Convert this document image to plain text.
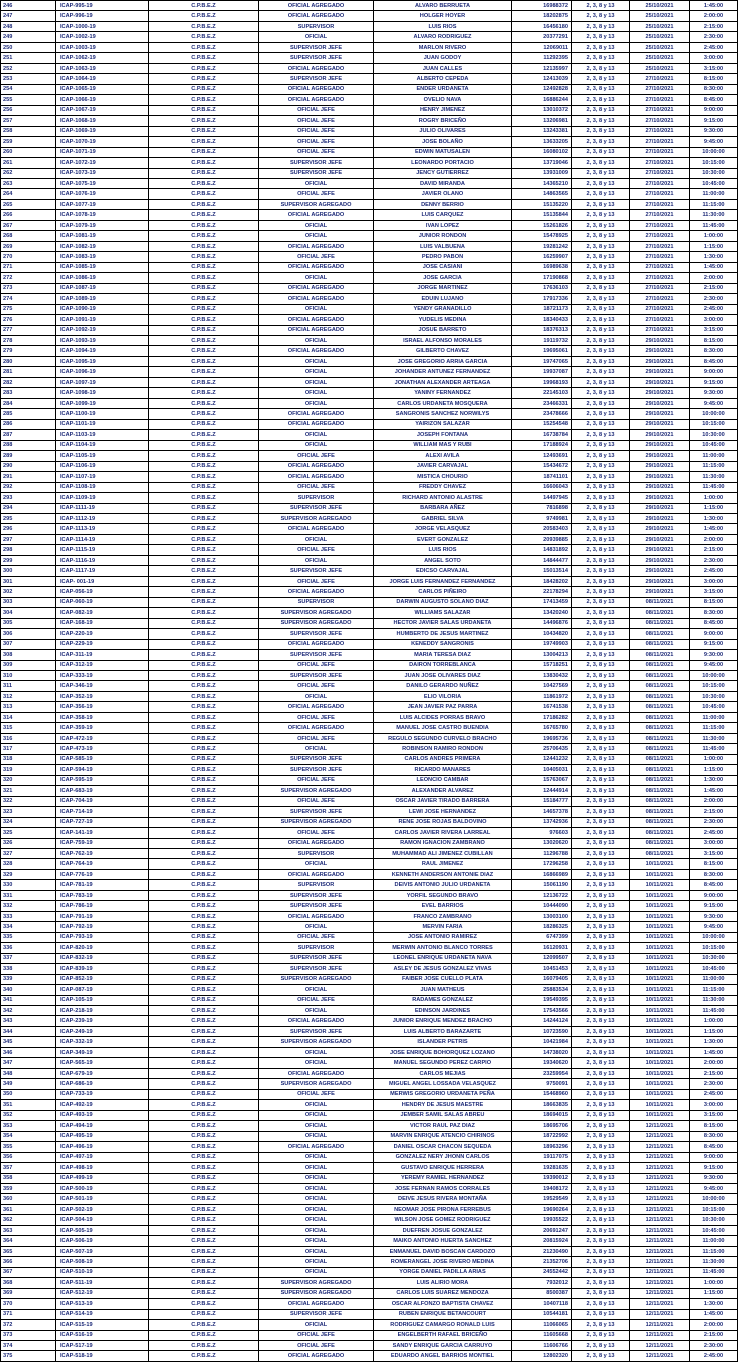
246	ICAP-995-19	C.P.B.E.Z	OFICIAL AGREGADO	ALVARO BERRUETA	16988372	2, 3, 8 y 13	25/10/2021	1:45:00
247	ICAP-996-19	C.P.B.E.Z	OFICIAL AGREGADO	HOLGER HOYER	18202875	2, 3, 8 y 13	25/10/2021	2:00:00
248	ICAP-1000-19	C.P.B.E.Z	SUPERVISOR	LUIS RIOS	16456180	2, 3, 8 y 13	25/10/2021	2:15:00
249	ICAP-1002-19	C.P.B.E.Z	OFICIAL	ALVARO RODRIGUEZ	20377291	2, 3, 8 y 13	25/10/2021	2:30:00
250	ICAP-1003-19	C.P.B.E.Z	SUPERVISOR JEFE	MARLON RIVERO	12069011	2, 3, 8 y 13	25/10/2021	2:45:00
251	ICAP-1062-19	C.P.B.E.Z	SUPERVISOR JEFE	JUAN GODOY	11292395	2, 3, 8 y 13	25/10/2021	3:00:00
252	ICAP-1063-19	C.P.B.E.Z	OFICIAL AGREGADO	JUAN CALLES	12135997	2, 3, 8 y 13	25/10/2021	3:15:00
253	ICAP-1064-19	C.P.B.E.Z	SUPERVISOR JEFE	ALBERTO CEPEDA	12413039	2, 3, 8 y 13	27/10/2021	8:15:00
254	ICAP-1065-19	C.P.B.E.Z	OFICIAL AGREGADO	ENDER URDANETA	12492828	2, 3, 8 y 13	27/10/2021	8:30:00
255	ICAP-1066-19	C.P.B.E.Z	OFICIAL AGREGADO	OVELIO NAVA	16886244	2, 3, 8 y 13	27/10/2021	8:45:00
256	ICAP-1067-19	C.P.B.E.Z	OFICIAL JEFE	HENRY JIMENEZ	13010372	2, 3, 8 y 13	27/10/2021	9:00:00
257	ICAP-1068-19	C.P.B.E.Z	OFICIAL JEFE	ROGRY BRICEÑO	13206981	2, 3, 8 y 13	27/10/2021	9:15:00
258	ICAP-1069-19	C.P.B.E.Z	OFICIAL JEFE	JULIO OLIVARES	13243381	2, 3, 8 y 13	27/10/2021	9:30:00
259	ICAP-1070-19	C.P.B.E.Z	OFICIAL JEFE	JOSE BOLAÑO	13633205	2, 3, 8 y 13	27/10/2021	9:45:00
260	ICAP-1071-19	C.P.B.E.Z	OFICIAL JEFE	EDWIN MATUSALEN	16080102	2, 3, 8 y 13	27/10/2021	10:00:00
261	ICAP-1072-19	C.P.B.E.Z	SUPERVISOR JEFE	LEONARDO PORTACIO	13719046	2, 3, 8 y 13	27/10/2021	10:15:00
262	ICAP-1073-19	C.P.B.E.Z	SUPERVISOR JEFE	JENCY GUTIERREZ	13931009	2, 3, 8 y 13	27/10/2021	10:30:00
263	ICAP-1075-19	C.P.B.E.Z	OFICIAL	DAVID MIRANDA	14365210	2, 3, 8 y 13	27/10/2021	10:45:00
264	ICAP-1076-19	C.P.B.E.Z	OFICIAL JEFE	JAVIER OLANO	14863565	2, 3, 8 y 13	27/10/2021	11:00:00
265	ICAP-1077-19	C.P.B.E.Z	SUPERVISOR AGREGADO	DENNY BERRIO	15135220	2, 3, 8 y 13	27/10/2021	11:15:00
266	ICAP-1078-19	C.P.B.E.Z	OFICIAL AGREGADO	LUIS CARQUEZ	15135844	2, 3, 8 y 13	27/10/2021	11:30:00
267	ICAP-1079-19	C.P.B.E.Z	OFICIAL	IVAN LOPEZ	15261826	2, 3, 8 y 13	27/10/2021	11:45:00
268	ICAP-1081-19	C.P.B.E.Z	OFICIAL	JUNIOR RONDON	15478925	2, 3, 8 y 13	27/10/2021	1:00:00
269	ICAP-1082-19	C.P.B.E.Z	OFICIAL AGREGADO	LUIS VALBUENA	19281242	2, 3, 8 y 13	27/10/2021	1:15:00
270	ICAP-1083-19	C.P.B.E.Z	OFICIAL JEFE	PEDRO PABON	16259907	2, 3, 8 y 13	27/10/2021	1:30:00
271	ICAP-1085-19	C.P.B.E.Z	OFICIAL AGREGADO	JOSE CASIANI	16989638	2, 3, 8 y 13	27/10/2021	1:45:00
272	ICAP-1086-19	C.P.B.E.Z	OFICIAL	JOSE GARCIA	17190868	2, 3, 8 y 13	27/10/2021	2:00:00
273	ICAP-1087-19	C.P.B.E.Z	OFICIAL AGREGADO	JORGE MARTINEZ	17636103	2, 3, 8 y 13	27/10/2021	2:15:00
274	ICAP-1089-19	C.P.B.E.Z	OFICIAL AGREGADO	EDUIN LUJANO	17917336	2, 3, 8 y 13	27/10/2021	2:30:00
275	ICAP-1090-19	C.P.B.E.Z	OFICIAL	YENDY GRANADILLO	18721173	2, 3, 8 y 13	27/10/2021	2:45:00
276	ICAP-1091-19	C.P.B.E.Z	OFICIAL AGREGADO	YUDELIS MEDINA	18340433	2, 3, 8 y 13	27/10/2021	3:00:00
277	ICAP-1092-19	C.P.B.E.Z	OFICIAL AGREGADO	JOSUE BARRETO	18376313	2, 3, 8 y 13	27/10/2021	3:15:00
278	ICAP-1093-19	C.P.B.E.Z	OFICIAL	ISRAEL ALFONSO MORALES	19119732	2, 3, 8 y 13	29/10/2021	8:15:00
279	ICAP-1094-19	C.P.B.E.Z	OFICIAL AGREGADO	GILBERTO CHAVEZ	19695061	2, 3, 8 y 13	29/10/2021	8:30:00
280	ICAP-1095-19	C.P.B.E.Z	OFICIAL	JOSE GREGORIO ARRIA GARCIA	19747065	2, 3, 8 y 13	29/10/2021	8:45:00
281	ICAP-1096-19	C.P.B.E.Z	OFICIAL	JOHANDER ANTUNEZ FERNANDEZ	19937087	2, 3, 8 y 13	29/10/2021	9:00:00
282	ICAP-1097-19	C.P.B.E.Z	OFICIAL	JONATHAN ALEXANDER ARTEAGA	19968193	2, 3, 8 y 13	29/10/2021	9:15:00
283	ICAP-1098-19	C.P.B.E.Z	OFICIAL	YANINY FERNANDEZ	22145103	2, 3, 8 y 13	29/10/2021	9:30:00
284	ICAP-1099-19	C.P.B.E.Z	OFICIAL	CARLOS URDANETA MOSQUERA	23466331	2, 3, 8 y 13	29/10/2021	9:45:00
285	ICAP-1100-19	C.P.B.E.Z	OFICIAL AGREGADO	SANGRONIS SANCHEZ NORWILYS	23478666	2, 3, 8 y 13	29/10/2021	10:00:00
286	ICAP-1101-19	C.P.B.E.Z	OFICIAL AGREGADO	YAIRIZON SALAZAR	15254548	2, 3, 8 y 13	29/10/2021	10:15:00
287	ICAP-1103-19	C.P.B.E.Z	OFICIAL	JOSEPH FONTANA	16738784	2, 3, 8 y 13	29/10/2021	10:30:00
288	ICAP-1104-19	C.P.B.E.Z	OFICIAL	WILLIAM MAS Y RUBI	17188924	2, 3, 8 y 13	29/10/2021	10:45:00
289	ICAP-1105-19	C.P.B.E.Z	OFICIAL JEFE	ALEXI AVILA	12493691	2, 3, 8 y 13	29/10/2021	11:00:00
290	ICAP-1106-19	C.P.B.E.Z	OFICIAL AGREGADO	JAVIER CARVAJAL	15434672	2, 3, 8 y 13	29/10/2021	11:15:00
291	ICAP-1107-19	C.P.B.E.Z	OFICIAL AGREGADO	MISTICA CHOURIO	18741101	2, 3, 8 y 13	29/10/2021	11:30:00
292	ICAP-1108-19	C.P.B.E.Z	OFICIAL JEFE	FREDDY CHAVEZ	16606043	2, 3, 8 y 13	29/10/2021	11:45:00
293	ICAP-1109-19	C.P.B.E.Z	SUPERVISOR	RICHARD ANTONIO ALASTRE	14497945	2, 3, 8 y 13	29/10/2021	1:00:00
294	ICAP-1111-19	C.P.B.E.Z	SUPERVISOR JEFE	BARBARA AÑEZ	7816898	2, 3, 8 y 13	29/10/2021	1:15:00
295	ICAP-1112-19	C.P.B.E.Z	SUPERVISOR AGREGADO	GABRIEL SILVA	9749981	2, 3, 8 y 13	29/10/2021	1:30:00
296	ICAP-1113-19	C.P.B.E.Z	OFICIAL AGREGADO	JORGE VELASQUEZ	20583403	2, 3, 8 y 13	29/10/2021	1:45:00
297	ICAP-1114-19	C.P.B.E.Z	OFICIAL	EVERT GONZALEZ	20939885	2, 3, 8 y 13	29/10/2021	2:00:00
298	ICAP-1115-19	C.P.B.E.Z	OFICIAL JEFE	LUIS RIOS	14831892	2, 3, 8 y 13	29/10/2021	2:15:00
299	ICAP-1116-19	C.P.B.E.Z	OFICIAL	ANGEL SOTO	14844477	2, 3, 8 y 13	29/10/2021	2:30:00
300	ICAP-1117-19	C.P.B.E.Z	SUPERVISOR JEFE	EDICSO CARVAJAL	15013514	2, 3, 8 y 13	29/10/2021	2:45:00
301	ICAP- 001-19	C.P.B.E.Z	OFICIAL JEFE	JORGE LUIS FERNANDEZ FERNANDEZ	18428202	2, 3, 8 y 13	29/10/2021	3:00:00
302	ICAP-056-19	C.P.B.E.Z	OFICIAL AGREGADO	CARLOS PIÑEIRO	22178294	2, 3, 8 y 13	29/10/2021	3:15:00
303	ICAP-060-19	C.P.B.E.Z	SUPERVISOR	DARWIN AUGUSTO SOLANO DIAZ	17413459	2, 3, 8 y 13	08/11/2021	8:15:00
304	ICAP-082-19	C.P.B.E.Z	SUPERVISOR AGREGADO	WILLIAMS SALAZAR	13420240	2, 3, 8 y 13	08/11/2021	8:30:00
305	ICAP-168-19	C.P.B.E.Z	SUPERVISOR AGREGADO	HECTOR JAVIER SALAS URDANETA	14496876	2, 3, 8 y 13	08/11/2021	8:45:00
306	ICAP-220-19	C.P.B.E.Z	SUPERVISOR JEFE	HUMBERTO DE JESUS MARTINEZ	10434820	2, 3, 8 y 13	08/11/2021	9:00:00
307	ICAP-229-19	C.P.B.E.Z	OFICIAL AGREGADO	KENEDDY SANGRONIS	19749903	2, 3, 8 y 13	08/11/2021	9:15:00
308	ICAP-311-19	C.P.B.E.Z	SUPERVISOR JEFE	MARIA TERESA DIAZ	13004213	2, 3, 8 y 13	08/11/2021	9:30:00
309	ICAP-312-19	C.P.B.E.Z	OFICIAL JEFE	DAIRON TORREBLANCA	15718251	2, 3, 8 y 13	08/11/2021	9:45:00
310	ICAP-333-19	C.P.B.E.Z	SUPERVISOR JEFE	JUAN JOSE OLIVARES DIAZ	13830432	2, 3, 8 y 13	08/11/2021	10:00:00
311	ICAP-346-19	C.P.B.E.Z	OFICIAL JEFE	DANILO GERARDO NUÑEZ	10427569	2, 3, 8 y 13	08/11/2021	10:15:00
312	ICAP-352-19	C.P.B.E.Z	OFICIAL	ELIO VILORIA	11861972	2, 3, 8 y 13	08/11/2021	10:30:00
313	ICAP-356-19	C.P.B.E.Z	OFICIAL AGREGADO	JEAN JAVIER PAZ PARRA	16741538	2, 3, 8 y 13	08/11/2021	10:45:00
314	ICAP-358-19	C.P.B.E.Z	OFICIAL JEFE	LUIS ALCIDES PORRAS BRAVO	17186282	2, 3, 8 y 13	08/11/2021	11:00:00
315	ICAP-359-19	C.P.B.E.Z	OFICIAL AGREGADO	MANUEL JOSE CASTRO BUENDIA	16765780	2, 3, 8 y 13	08/11/2021	11:15:00
316	ICAP-472-19	C.P.B.E.Z	OFICIAL JEFE	REGULO SEGUNDO CURVELO BRACHO	19695736	2, 3, 8 y 13	08/11/2021	11:30:00
317	ICAP-473-19	C.P.B.E.Z	OFICIAL	ROBINSON RAMIRO RONDON	25706435	2, 3, 8 y 13	08/11/2021	11:45:00
318	ICAP-585-19	C.P.B.E.Z	SUPERVISOR JEFE	CARLOS ANDRES PRIMERA	12441232	2, 3, 8 y 13	08/11/2021	1:00:00
319	ICAP-594-19	C.P.B.E.Z	SUPERVISOR JEFE	RICARDO MANARES	10405031	2, 3, 8 y 13	08/11/2021	1:15:00
320	ICAP-595-19	C.P.B.E.Z	OFICIAL JEFE	LEONCIO CAMBAR	15763067	2, 3, 8 y 13	08/11/2021	1:30:00
321	ICAP-683-19	C.P.B.E.Z	SUPERVISOR AGREGADO	ALEXANDER ALVAREZ	12444914	2, 3, 8 y 13	08/11/2021	1:45:00
322	ICAP-704-19	C.P.B.E.Z	OFICIAL JEFE	OSCAR JAVIER TIRADO BARRERA	15184777	2, 3, 8 y 13	08/11/2021	2:00:00
323	ICAP-714-19	C.P.B.E.Z	SUPERVISOR JEFE	LEWI JOSE HERNANDEZ	14657378	2, 3, 8 y 13	08/11/2021	2:15:00
324	ICAP-727-19	C.P.B.E.Z	SUPERVISOR AGREGADO	RENE JOSE ROJAS BALDOVINO	13742936	2, 3, 8 y 13	08/11/2021	2:30:00
325	ICAP-141-19	C.P.B.E.Z	OFICIAL JEFE	CARLOS JAVIER RIVERA LARREAL	976603	2, 3, 8 y 13	08/11/2021	2:45:00
326	ICAP-759-19	C.P.B.E.Z	OFICIAL AGREGADO	RAMON IGNACION ZAMBRANO	13020620	2, 3, 8 y 13	08/11/2021	3:00:00
327	ICAP-762-19	C.P.B.E.Z	SUPERVISOR	MUHAMMAD ALI JIMENEZ CUBILLAN	11296788	2, 3, 8 y 13	08/11/2021	3:15:00
328	ICAP-764-19	C.P.B.E.Z	OFICIAL	RAUL JIMENEZ	17296258	2, 3, 8 y 13	10/11/2021	8:15:00
329	ICAP-776-19	C.P.B.E.Z	OFICIAL AGREGADO	KENNETH ANDERSON ANTONIE DIAZ	16866989	2, 3, 8 y 13	10/11/2021	8:30:00
330	ICAP-781-19	C.P.B.E.Z	SUPERVISOR	DEIVIS ANTONIO JULIO URDANETA	15061190	2, 3, 8 y 13	10/11/2021	8:45:00
331	ICAP-783-19	C.P.B.E.Z	SUPERVISOR JEFE	YORFIL SEGUNDO BRAVO	12136722	2, 3, 8 y 13	10/11/2021	9:00:00
332	ICAP-786-19	C.P.B.E.Z	SUPERVISOR JEFE	EVEL BARRIOS	10444090	2, 3, 8 y 13	10/11/2021	9:15:00
333	ICAP-791-19	C.P.B.E.Z	OFICIAL AGREGADO	FRANCO ZAMBRANO	13003100	2, 3, 8 y 13	10/11/2021	9:30:00
334	ICAP-792-19	C.P.B.E.Z	OFICIAL	MERVIN FARIA	18286325	2, 3, 8 y 13	10/11/2021	9:45:00
335	ICAP-793-19	C.P.B.E.Z	OFICIAL JEFE	JOSE ANTONIO RAMIREZ	6747399	2, 3, 8 y 13	10/11/2021	10:00:00
336	ICAP-820-19	C.P.B.E.Z	SUPERVISOR	MERWIN ANTONIO BLANCO TORRES	16120931	2, 3, 8 y 13	10/11/2021	10:15:00
337	ICAP-832-19	C.P.B.E.Z	SUPERVISOR JEFE	LEONEL ENRIQUE URDANETA NAVA	12099507	2, 3, 8 y 13	10/11/2021	10:30:00
338	ICAP-839-19	C.P.B.E.Z	SUPERVISOR JEFE	ASLEY DE JESUS GONZALEZ VIVAS	10451453	2, 3, 8 y 13	10/11/2021	10:45:00
339	ICAP-852-19	C.P.B.E.Z	SUPERVISOR AGREGADO	FAIBER JOSE CUELLO PLATA	16079405	2, 3, 8 y 13	10/11/2021	11:00:00
340	ICAP-087-19	C.P.B.E.Z	OFICIAL	JUAN MATHEUS	25883534	2, 3, 8 y 13	10/11/2021	11:15:00
341	ICAP-105-19	C.P.B.E.Z	OFICIAL JEFE	RADAMES GONZALEZ	19549395	2, 3, 8 y 13	10/11/2021	11:30:00
342	ICAP-218-19	C.P.B.E.Z	OFICIAL	EDINSON JARDINES	17543566	2, 3, 8 y 13	10/11/2021	11:45:00
343	ICAP-239-19	C.P.B.E.Z	OFICIAL AGREGADO	JUNIOR ENRIQUE MENDEZ BRACHO	14244124	2, 3, 8 y 13	10/11/2021	1:00:00
344	ICAP-249-19	C.P.B.E.Z	SUPERVISOR JEFE	LUIS ALBERTO BARAZARTE	10723590	2, 3, 8 y 13	10/11/2021	1:15:00
345	ICAP-332-19	C.P.B.E.Z	SUPERVISOR AGREGADO	ISLANDER PETRIS	10421984	2, 3, 8 y 13	10/11/2021	1:30:00
346	ICAP-349-19	C.P.B.E.Z	OFICIAL	JOSE ENRIQUE BOHORQUEZ LOZANO	14738020	2, 3, 8 y 13	10/11/2021	1:45:00
347	ICAP-565-19	C.P.B.E.Z	OFICIAL	MANUEL SEGUNDO PEREZ CARPIO	19340620	2, 3, 8 y 13	10/11/2021	2:00:00
348	ICAP-679-19	C.P.B.E.Z	OFICIAL AGREGADO	CARLOS MEJIAS	23259954	2, 3, 8 y 13	10/11/2021	2:15:00
349	ICAP-686-19	C.P.B.E.Z	SUPERVISOR AGREGADO	MIGUEL ANGEL LOSSADA VELASQUEZ	9750091	2, 3, 8 y 13	10/11/2021	2:30:00
350	ICAP-733-19	C.P.B.E.Z	OFICIAL JEFE	MERWIS GREGORIO URDANETA PEÑA	15468960	2, 3, 8 y 13	10/11/2021	2:45:00
351	ICAP-492-19	C.P.B.E.Z	OFICIAL	HENDRY DE JESUS MAESTRE	18663835	2, 3, 8 y 13	10/11/2021	3:00:00
352	ICAP-493-19	C.P.B.E.Z	OFICIAL	JEMBER SAMIL SALAS ABREU	18694015	2, 3, 8 y 13	10/11/2021	3:15:00
353	ICAP-494-19	C.P.B.E.Z	OFICIAL	VICTOR RAUL PAZ DIAZ	18695706	2, 3, 8 y 13	12/11/2021	8:15:00
354	ICAP-495-19	C.P.B.E.Z	OFICIAL	MARVIN ENRIQUE ATENCIO CHIRINOS	18722992	2, 3, 8 y 13	12/11/2021	8:30:00
355	ICAP-496-19	C.P.B.E.Z	OFICIAL AGREGADO	DANIEL OSCAR CHACON SEQUEDA	18963296	2, 3, 8 y 13	12/11/2021	8:45:00
356	ICAP-497-19	C.P.B.E.Z	OFICIAL	GONZALEZ NERY JHONN CARLOS	19117075	2, 3, 8 y 13	12/11/2021	9:00:00
357	ICAP-498-19	C.P.B.E.Z	OFICIAL	GUSTAVO ENRIQUE HERRERA	19281635	2, 3, 8 y 13	12/11/2021	9:15:00
358	ICAP-499-19	C.P.B.E.Z	OFICIAL	YEREMY RAMIEL HERNANDEZ	19390012	2, 3, 8 y 13	12/11/2021	9:30:00
359	ICAP-500-19	C.P.B.E.Z	OFICIAL	JOSE FERNAN RAMOS CORRALES	19408172	2, 3, 8 y 13	12/11/2021	9:45:00
360	ICAP-501-19	C.P.B.E.Z	OFICIAL	DEIVE JESUS RIVERA MONTAÑA	19529549	2, 3, 8 y 13	12/11/2021	10:00:00
361	ICAP-502-19	C.P.B.E.Z	OFICIAL	NEOMAR JOSE PIRONA FERREBUS	19690264	2, 3, 8 y 13	12/11/2021	10:15:00
362	ICAP-504-19	C.P.B.E.Z	OFICIAL	WILSON JOSE GOMEZ RODRIGUEZ	19935522	2, 3, 8 y 13	12/11/2021	10:30:00
363	ICAP-505-19	C.P.B.E.Z	OFICIAL	DUEFREN JOSUE GONZALEZ	20691247	2, 3, 8 y 13	12/11/2021	10:45:00
364	ICAP-506-19	C.P.B.E.Z	OFICIAL	MAIKO ANTONIO HUERTA SANCHEZ	20815924	2, 3, 8 y 13	12/11/2021	11:00:00
365	ICAP-507-19	C.P.B.E.Z	OFICIAL	ENMANUEL DAVID BOSCAN CARDOZO	21230490	2, 3, 8 y 13	12/11/2021	11:15:00
366	ICAP-508-19	C.P.B.E.Z	OFICIAL	ROMERANGEL JOSE RIVERO MEDINA	21352706	2, 3, 8 y 13	12/11/2021	11:30:00
367	ICAP-510-19	C.P.B.E.Z	OFICIAL	YORGE DANIEL PADILLA ARIAS	24552442	2, 3, 8 y 13	12/11/2021	11:45:00
368	ICAP-511-19	C.P.B.E.Z	SUPERVISOR AGREGADO	LUIS ALIRIO MORA	7932012	2, 3, 8 y 13	12/11/2021	1:00:00
369	ICAP-512-19	C.P.B.E.Z	SUPERVISOR AGREGADO	CARLOS LUIS SUAREZ MENDOZA	8500387	2, 3, 8 y 13	12/11/2021	1:15:00
370	ICAP-513-19	C.P.B.E.Z	OFICIAL AGREGADO	OSCAR ALFONZO BAPTISTA CHAVEZ	10407118	2, 3, 8 y 13	12/11/2021	1:30:00
371	ICAP-514-19	C.P.B.E.Z	SUPERVISOR JEFE	RUBEN ENRIQUE BETANCOURT	10544181	2, 3, 8 y 13	12/11/2021	1:45:00
372	ICAP-515-19	C.P.B.E.Z	OFICIAL	RODRIGUEZ CAMARGO RONALD LUIS	11066065	2, 3, 8 y 13	12/11/2021	2:00:00
373	ICAP-516-19	C.P.B.E.Z	OFICIAL JEFE	ENGELBERTH RAFAEL BRICEÑO	11605668	2, 3, 8 y 13	12/11/2021	2:15:00
374	ICAP-517-19	C.P.B.E.Z	OFICIAL JEFE	SANDY ENRIQUE GARCIA CARRUYO	11606766	2, 3, 8 y 13	12/11/2021	2:30:00
375	ICAP-518-19	C.P.B.E.Z	OFICIAL AGREGADO	EDUARDO ANGEL BARRIOS MONTIEL	12802320	2, 3, 8 y 13	12/11/2021	2:45:00
